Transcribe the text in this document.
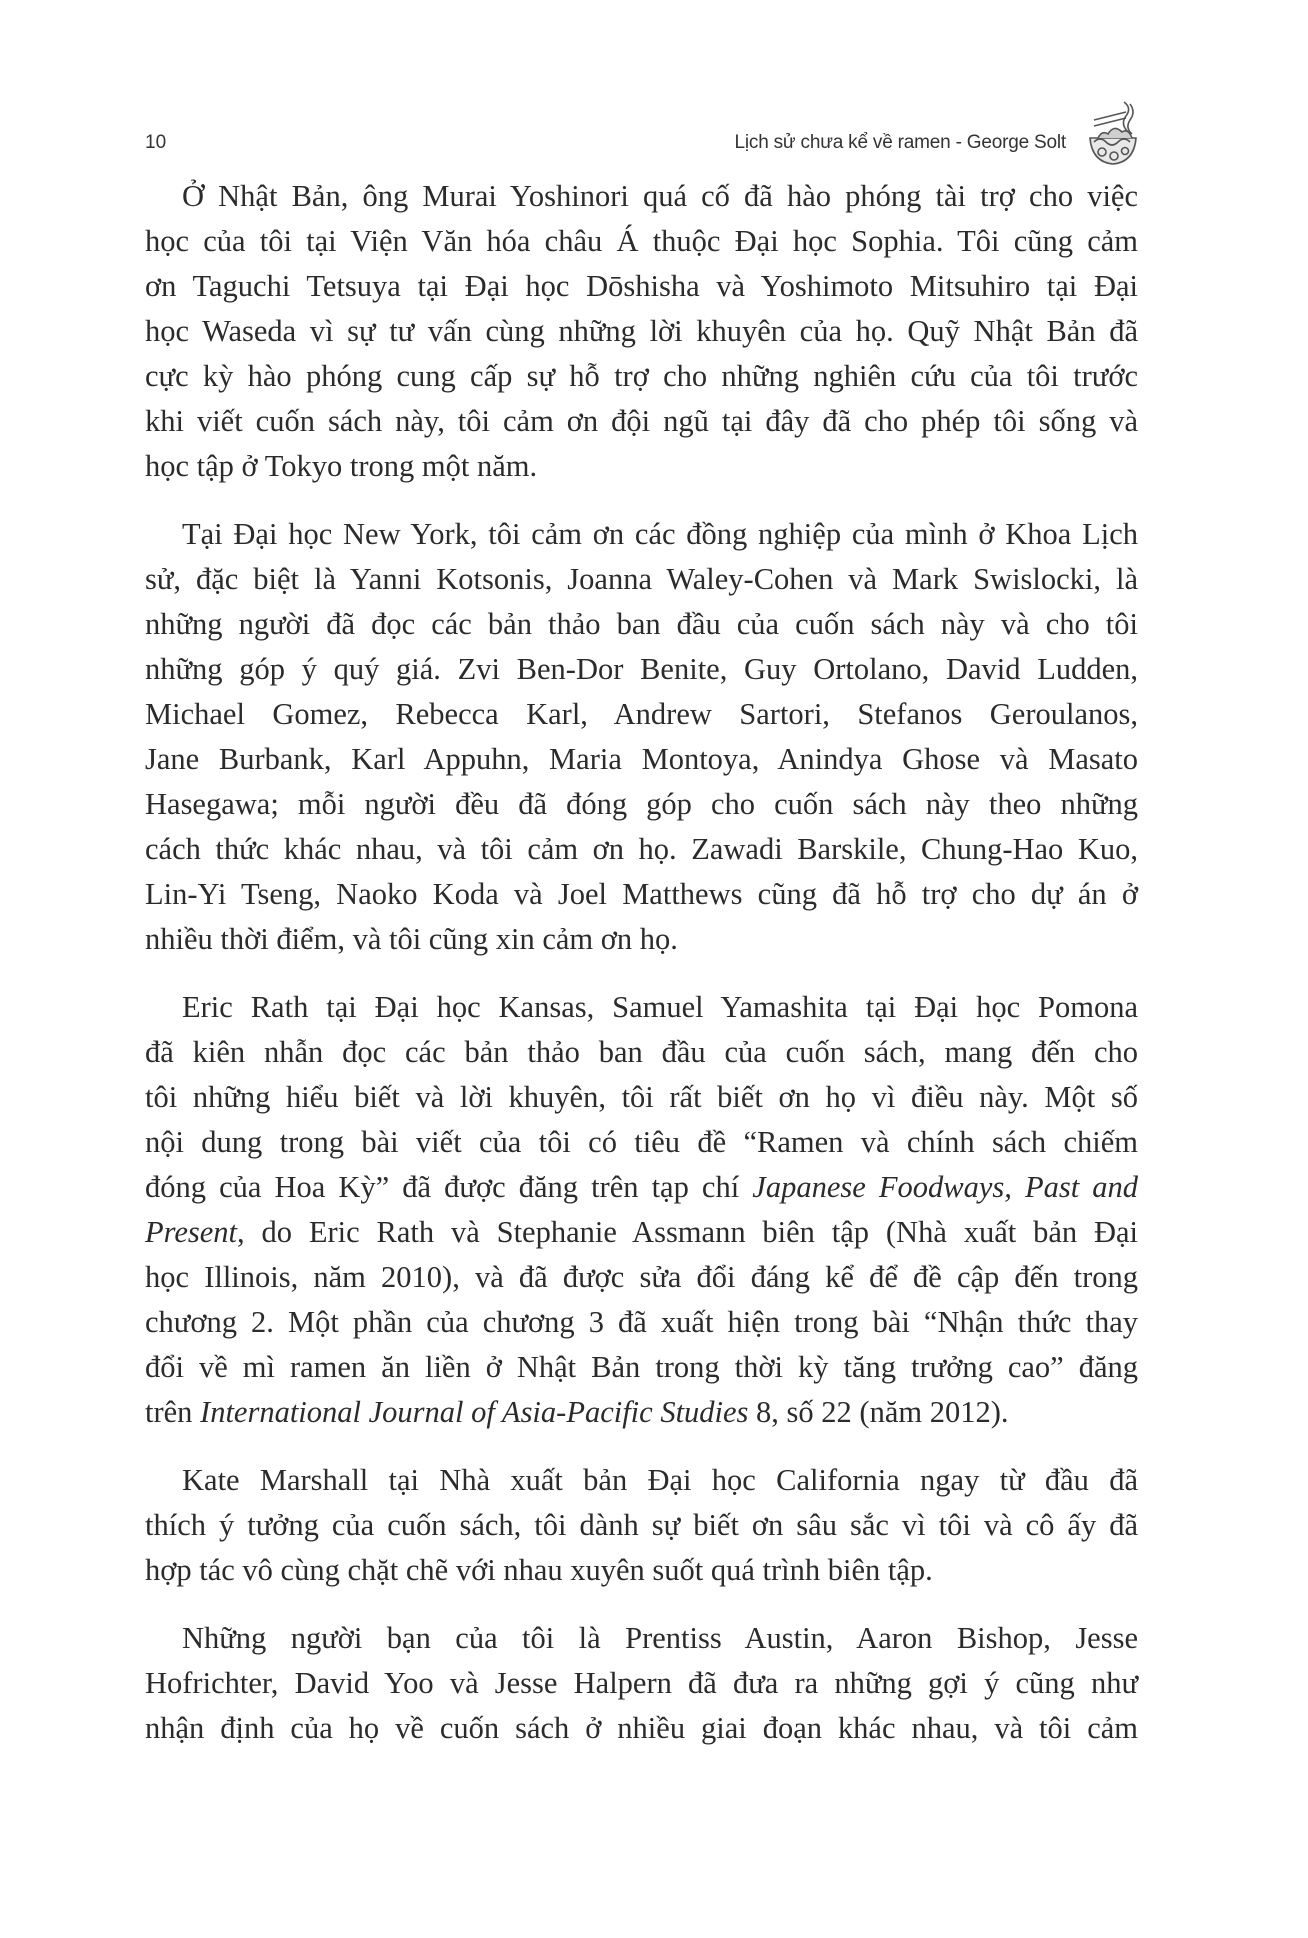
10	Lịch sử chưa kể về ramen - George Solt
Ở Nhật Bản, ông Murai Yoshinori quá cố đã hào phóng tài trợ cho việc
học của tôi tại Viện Văn hóa châu Á thuộc Đại học Sophia. Tôi cũng cảm
ơn Taguchi Tetsuya tại Đại học Dōshisha và Yoshimoto Mitsuhiro tại Đại
học Waseda vì sự tư vấn cùng những lời khuyên của họ. Quỹ Nhật Bản đã
cực kỳ hào phóng cung cấp sự hỗ trợ cho những nghiên cứu của tôi trước
khi viết cuốn sách này, tôi cảm ơn đội ngũ tại đây đã cho phép tôi sống và
học tập ở Tokyo trong một năm.
Tại Đại học New York, tôi cảm ơn các đồng nghiệp của mình ở Khoa Lịch
sử, đặc biệt là Yanni Kotsonis, Joanna Waley-Cohen và Mark Swislocki, là
những người đã đọc các bản thảo ban đầu của cuốn sách này và cho tôi
những góp ý quý giá. Zvi Ben-Dor Benite, Guy Ortolano, David Ludden,
Michael Gomez, Rebecca Karl, Andrew Sartori, Stefanos Geroulanos,
Jane Burbank, Karl Appuhn, Maria Montoya, Anindya Ghose và Masato
Hasegawa; mỗi người đều đã đóng góp cho cuốn sách này theo những
cách thức khác nhau, và tôi cảm ơn họ. Zawadi Barskile, Chung-Hao Kuo,
Lin-Yi Tseng, Naoko Koda và Joel Matthews cũng đã hỗ trợ cho dự án ở
nhiều thời điểm, và tôi cũng xin cảm ơn họ.
Eric Rath tại Đại học Kansas, Samuel Yamashita tại Đại học Pomona
đã kiên nhẫn đọc các bản thảo ban đầu của cuốn sách, mang đến cho
tôi những hiểu biết và lời khuyên, tôi rất biết ơn họ vì điều này. Một số
nội dung trong bài viết của tôi có tiêu đề “Ramen và chính sách chiếm
đóng của Hoa Kỳ” đã được đăng trên tạp chí Japanese Foodways, Past and
Present, do Eric Rath và Stephanie Assmann biên tập (Nhà xuất bản Đại
học Illinois, năm 2010), và đã được sửa đổi đáng kể để đề cập đến trong
chương 2. Một phần của chương 3 đã xuất hiện trong bài “Nhận thức thay
đổi về mì ramen ăn liền ở Nhật Bản trong thời kỳ tăng trưởng cao” đăng
trên International Journal of Asia-Pacific Studies 8, số 22 (năm 2012).
Kate Marshall tại Nhà xuất bản Đại học California ngay từ đầu đã
thích ý tưởng của cuốn sách, tôi dành sự biết ơn sâu sắc vì tôi và cô ấy đã
hợp tác vô cùng chặt chẽ với nhau xuyên suốt quá trình biên tập.
Những người bạn của tôi là Prentiss Austin, Aaron Bishop, Jesse
Hofrichter, David Yoo và Jesse Halpern đã đưa ra những gợi ý cũng như
nhận định của họ về cuốn sách ở nhiều giai đoạn khác nhau, và tôi cảm
